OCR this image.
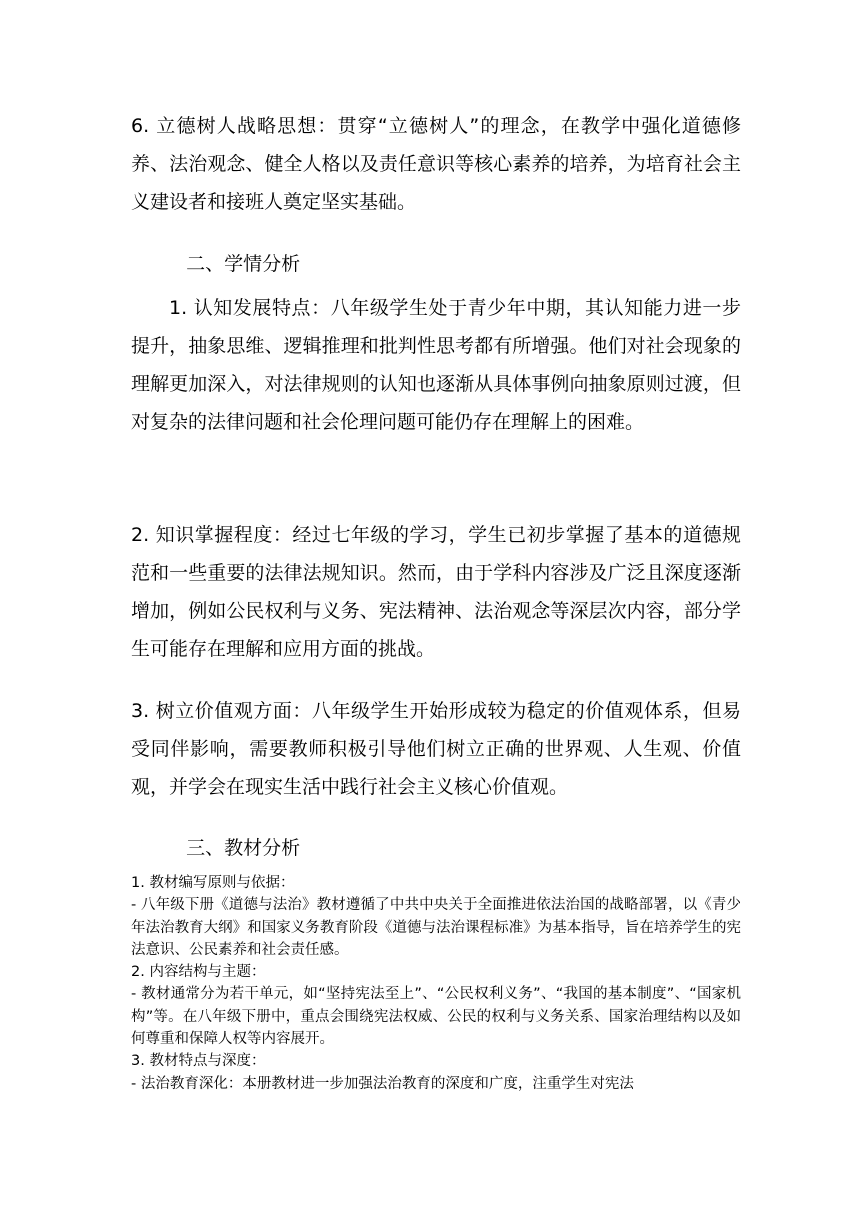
6. 立德树人战略思想：贯穿“立德树人”的理念，在教学中强化道德修养、法治观念、健全人格以及责任意识等核心素养的培养，为培育社会主义建设者和接班人奠定坚实基础。
二、学情分析
1. 认知发展特点：八年级学生处于青少年中期，其认知能力进一步提升，抽象思维、逻辑推理和批判性思考都有所增强。他们对社会现象的理解更加深入，对法律规则的认知也逐渐从具体事例向抽象原则过渡，但对复杂的法律问题和社会伦理问题可能仍存在理解上的困难。
2. 知识掌握程度：经过七年级的学习，学生已初步掌握了基本的道德规范和一些重要的法律法规知识。然而，由于学科内容涉及广泛且深度逐渐增加，例如公民权利与义务、宪法精神、法治观念等深层次内容，部分学生可能存在理解和应用方面的挑战。
3. 树立价值观方面：八年级学生开始形成较为稳定的价值观体系，但易受同伴影响，需要教师积极引导他们树立正确的世界观、人生观、价值观，并学会在现实生活中践行社会主义核心价值观。
三、教材分析
1. 教材编写原则与依据：
- 八年级下册《道德与法治》教材遵循了中共中央关于全面推进依法治国的战略部署，以《青少年法治教育大纲》和国家义务教育阶段《道德与法治课程标准》为基本指导，旨在培养学生的宪法意识、公民素养和社会责任感。
2. 内容结构与主题：
- 教材通常分为若干单元，如“坚持宪法至上”、“公民权利义务”、“我国的基本制度”、“国家机构”等。在八年级下册中，重点会围绕宪法权威、公民的权利与义务关系、国家治理结构以及如何尊重和保障人权等内容展开。
3. 教材特点与深度：
- 法治教育深化：本册教材进一步加强法治教育的深度和广度，注重学生对宪法
